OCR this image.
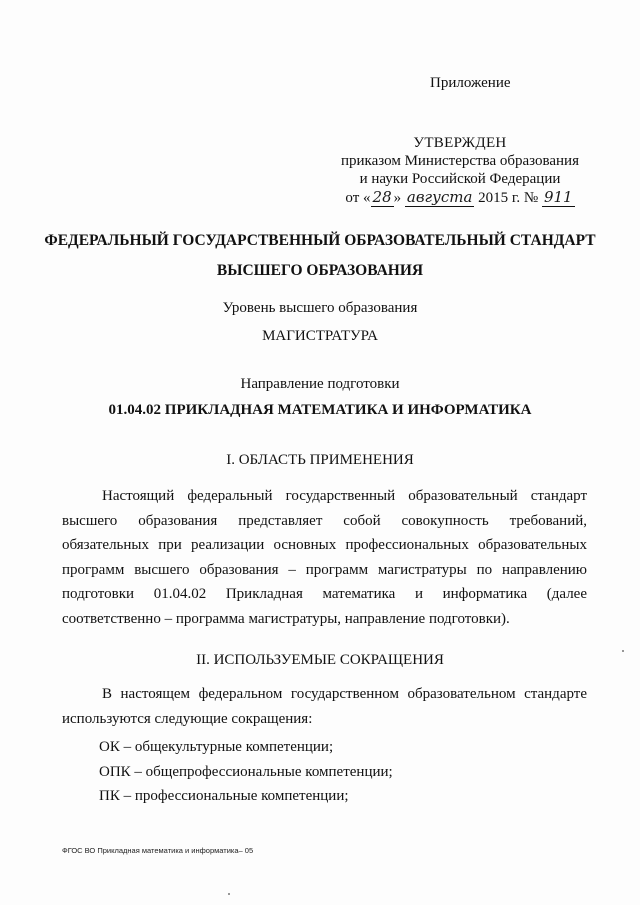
Приложение
УТВЕРЖДЕН
приказом Министерства образования
и науки Российской Федерации
от « 28 » августа 2015 г. № 911
ФЕДЕРАЛЬНЫЙ ГОСУДАРСТВЕННЫЙ ОБРАЗОВАТЕЛЬНЫЙ СТАНДАРТ
ВЫСШЕГО ОБРАЗОВАНИЯ
Уровень высшего образования
МАГИСТРАТУРА
Направление подготовки
01.04.02 ПРИКЛАДНАЯ МАТЕМАТИКА И ИНФОРМАТИКА
I. ОБЛАСТЬ ПРИМЕНЕНИЯ
Настоящий федеральный государственный образовательный стандарт высшего образования представляет собой совокупность требований, обязательных при реализации основных профессиональных образовательных программ высшего образования – программ магистратуры по направлению подготовки 01.04.02 Прикладная математика и информатика (далее соответственно – программа магистратуры, направление подготовки).
II. ИСПОЛЬЗУЕМЫЕ СОКРАЩЕНИЯ
В настоящем федеральном государственном образовательном стандарте используются следующие сокращения:
ОК – общекультурные компетенции;
ОПК – общепрофессиональные компетенции;
ПК – профессиональные компетенции;
ФГОС ВО Прикладная математика и информатика– 05
